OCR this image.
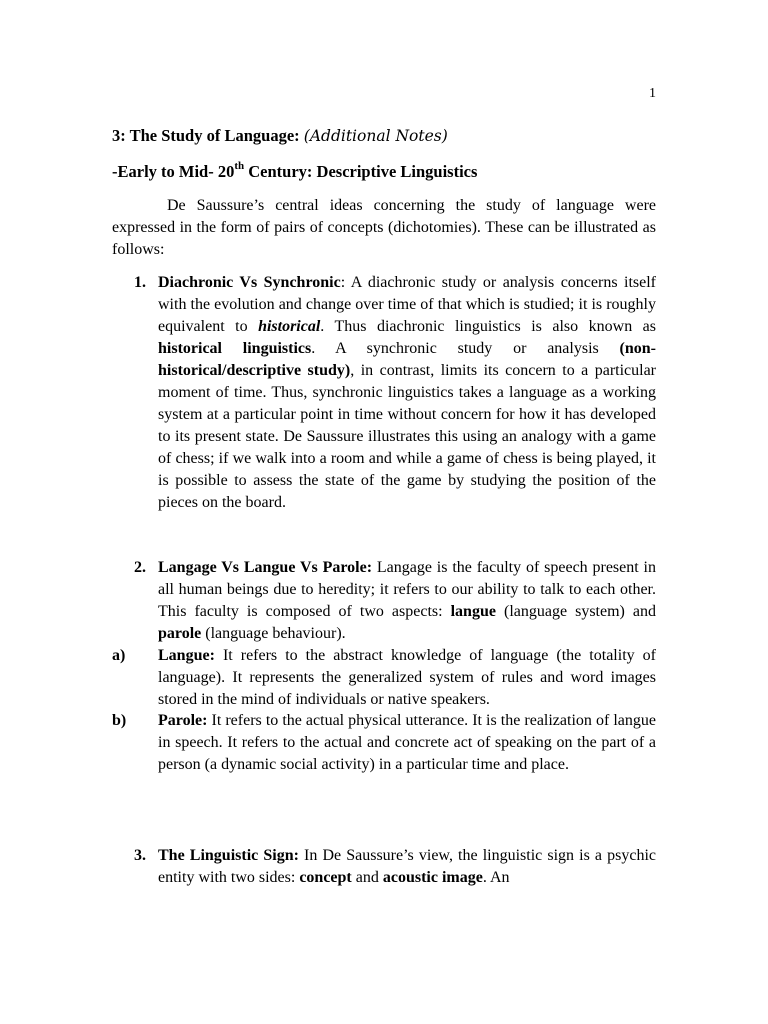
1
3: The Study of Language: (Additional Notes)
-Early to Mid- 20th Century: Descriptive Linguistics

De Saussure’s central ideas concerning the study of language were expressed in the form of pairs of concepts (dichotomies). These can be illustrated as follows:

1. Diachronic Vs Synchronic: A diachronic study or analysis concerns itself with the evolution and change over time of that which is studied; it is roughly equivalent to historical. Thus diachronic linguistics is also known as historical linguistics. A synchronic study or analysis (non-historical/descriptive study), in contrast, limits its concern to a particular moment of time. Thus, synchronic linguistics takes a language as a working system at a particular point in time without concern for how it has developed to its present state. De Saussure illustrates this using an analogy with a game of chess; if we walk into a room and while a game of chess is being played, it is possible to assess the state of the game by studying the position of the pieces on the board.
2. Langage Vs Langue Vs Parole: Langage is the faculty of speech present in all human beings due to heredity; it refers to our ability to talk to each other. This faculty is composed of two aspects: langue (language system) and parole (language behaviour).
a) Langue: It refers to the abstract knowledge of language (the totality of language). It represents the generalized system of rules and word images stored in the mind of individuals or native speakers.
b) Parole: It refers to the actual physical utterance. It is the realization of langue in speech. It refers to the actual and concrete act of speaking on the part of a person (a dynamic social activity) in a particular time and place.
3. The Linguistic Sign: In De Saussure’s view, the linguistic sign is a psychic entity with two sides: concept and acoustic image. An
